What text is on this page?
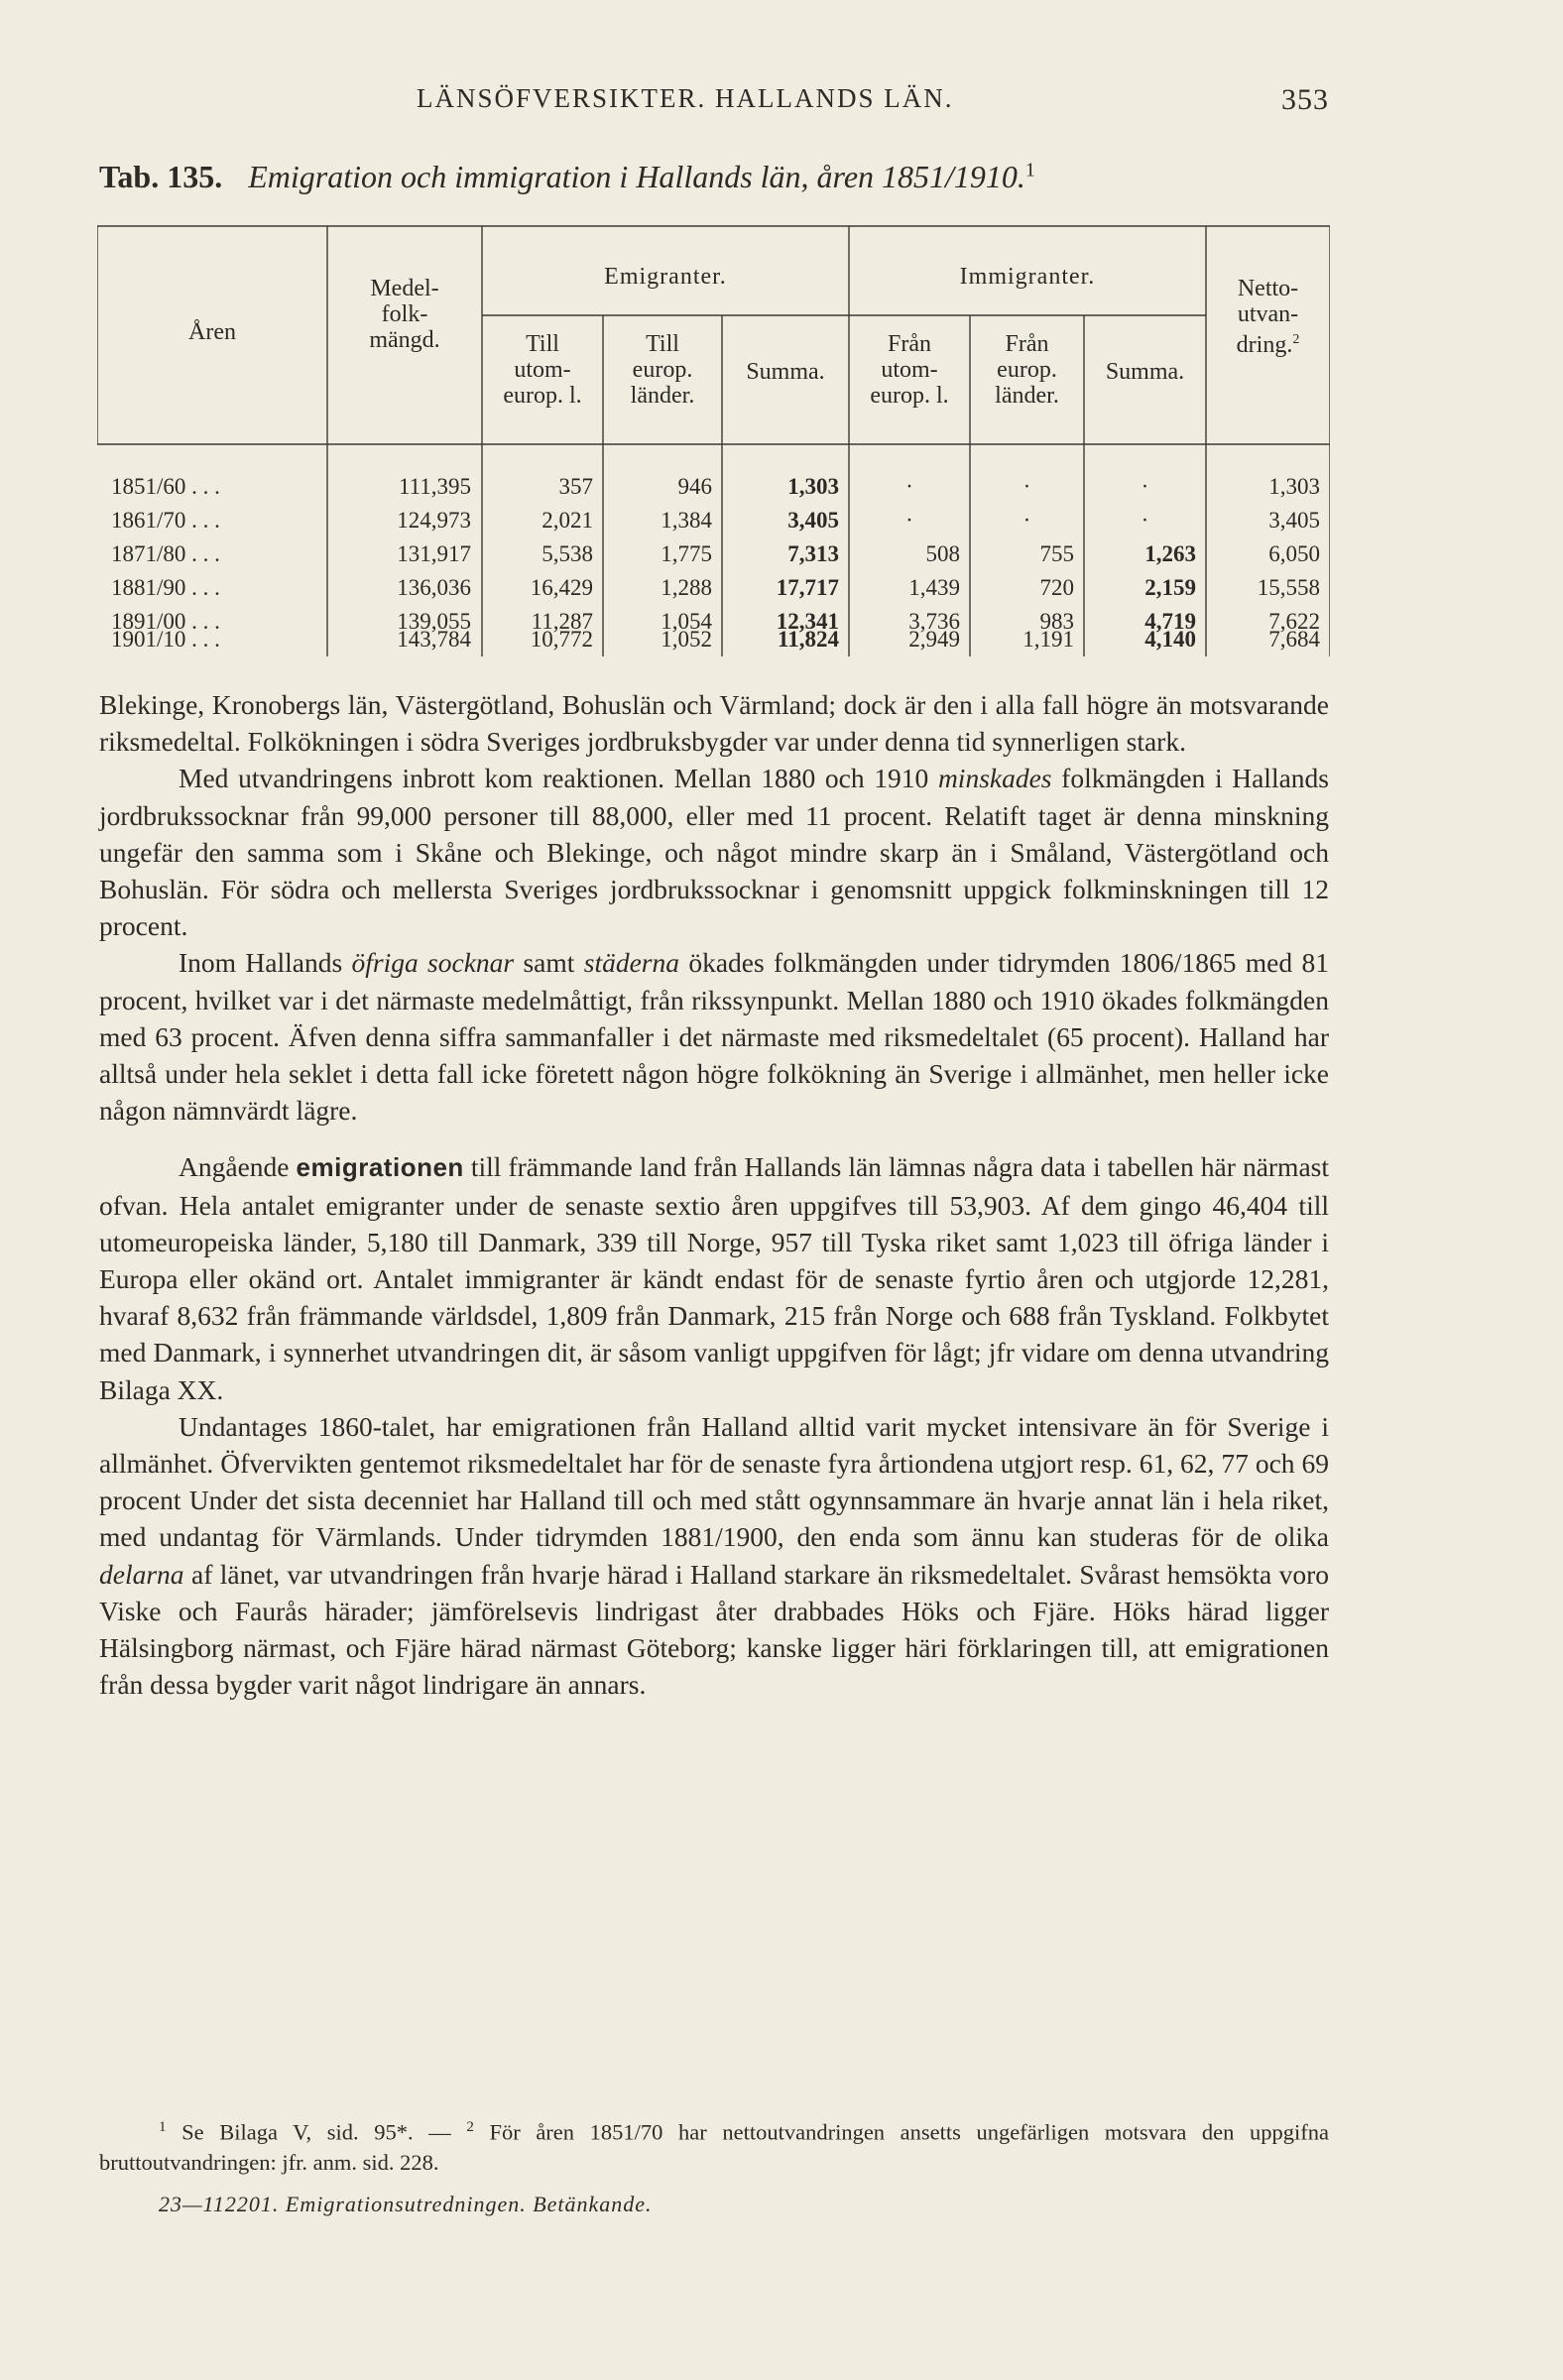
LÄNSÖFVERSIKTER. HALLANDS LÄN.	353
Tab. 135. Emigration och immigration i Hallands län, åren 1851/1910.$^1$
Åren
Medel-
folk-
mängd.
Emigranter.	Immigranter.
Till
utom-
europ. l.
Till
europ.
länder.
Summa.
Från
utom-
europ. l.
Från
europ.
länder.
Summa.
Netto-
utvan-
dring.$^2$
1851/60 . . .	111,395	357	946	1,303	·	·	·	1,303
1861/70 . . .	124,973	2,021	1,384	3,405	·	·	·	3,405
1871/80 . . .	131,917	5,538	1,775	7,313	508	755	1,263	6,050
1881/90 . . .	136,036	16,429	1,288	17,717	1,439	720	2,159	15,558
1891/00 . . .	139,055	11,287	1,054	12,341	3,736	983	4,719	7,622
1901/10 . . .	143,784	10,772	1,052	11,824	2,949	1,191	4,140	7,684

Blekinge, Kronobergs län, Västergötland, Bohuslän och Värmland; dock är den i alla fall högre än motsvarande riksmedeltal. Folkökningen i södra Sveriges jordbruksbygder var under denna tid synnerligen stark.

Med utvandringens inbrott kom reaktionen. Mellan 1880 och 1910 minskades folkmängden i Hallands jordbrukssocknar från 99,000 personer till 88,000, eller med 11 procent. Relatift taget är denna minskning ungefär den samma som i Skåne och Blekinge, och något mindre skarp än i Småland, Västergötland och Bohuslän. För södra och mellersta Sveriges jordbrukssocknar i genomsnitt uppgick folkminskningen till 12 procent.

Inom Hallands öfriga socknar samt städerna ökades folkmängden under tidrymden 1806/1865 med 81 procent, hvilket var i det närmaste medelmåttigt, från rikssynpunkt. Mellan 1880 och 1910 ökades folkmängden med 63 procent. Äfven denna siffra sammanfaller i det närmaste med riksmedeltalet (65 procent). Halland har alltså under hela seklet i detta fall icke företett någon högre folkökning än Sverige i allmänhet, men heller icke någon nämnvärdt lägre.

Angående emigrationen till främmande land från Hallands län lämnas några data i tabellen här närmast ofvan. Hela antalet emigranter under de senaste sextio åren uppgifves till 53,903. Af dem gingo 46,404 till utomeuropeiska länder, 5,180 till Danmark, 339 till Norge, 957 till Tyska riket samt 1,023 till öfriga länder i Europa eller okänd ort. Antalet immigranter är kändt endast för de senaste fyrtio åren och utgjorde 12,281, hvaraf 8,632 från främmande världsdel, 1,809 från Danmark, 215 från Norge och 688 från Tyskland. Folkbytet med Danmark, i synnerhet utvandringen dit, är såsom vanligt uppgifven för lågt; jfr vidare om denna utvandring Bilaga XX.

Undantages 1860-talet, har emigrationen från Halland alltid varit mycket intensivare än för Sverige i allmänhet. Öfvervikten gentemot riksmedeltalet har för de senaste fyra årtiondena utgjort resp. 61, 62, 77 och 69 procent Under det sista decenniet har Halland till och med stått ogynnsammare än hvarje annat län i hela riket, med undantag för Värmlands. Under tidrymden 1881/1900, den enda som ännu kan studeras för de olika delarna af länet, var utvandringen från hvarje härad i Halland starkare än riksmedeltalet. Svårast hemsökta voro Viske och Faurås härader; jämförelsevis lindrigast åter drabbades Höks och Fjäre. Höks härad ligger Hälsingborg närmast, och Fjäre härad närmast Göteborg; kanske ligger häri förklaringen till, att emigrationen från dessa bygder varit något lindrigare än annars.

$^1$ Se Bilaga V, sid. 95*. — $^2$ För åren 1851/70 har nettoutvandringen ansetts ungefärligen motsvara den uppgifna bruttoutvandringen: jfr. anm. sid. 228.
23—112201. Emigrationsutredningen. Betänkande.
